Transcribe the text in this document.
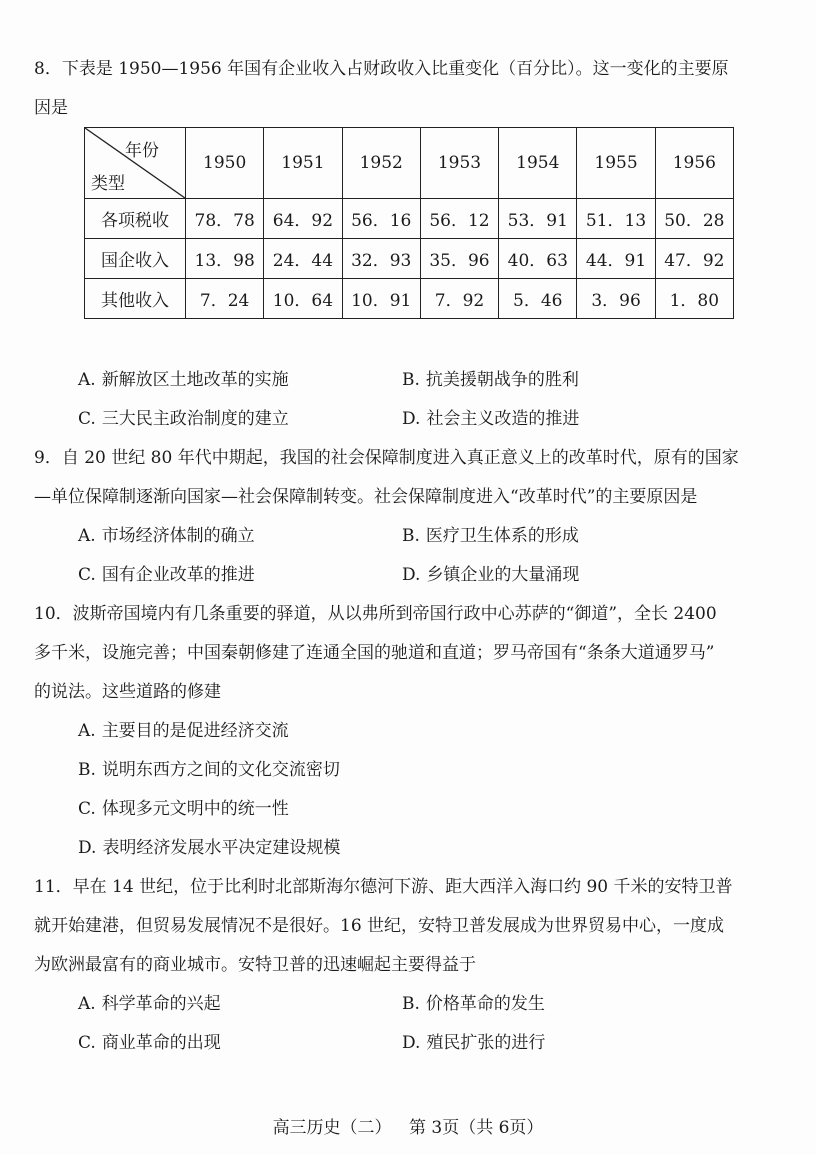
8．下表是 1950—1956 年国有企业收入占财政收入比重变化（百分比）。这一变化的主要原
因是
年份
类型	1950	1951	1952	1953	1954	1955	1956
各项税收	78．78	64．92	56．16	56．12	53．91	51．13	50．28
国企收入	13．98	24．44	32．93	35．96	40．63	44．91	47．92
其他收入	7．24	10．64	10．91	7．92	5．46	3．96	1．80
A. 新解放区土地改革的实施	B. 抗美援朝战争的胜利
C. 三大民主政治制度的建立	D. 社会主义改造的推进
9．自 20 世纪 80 年代中期起，我国的社会保障制度进入真正意义上的改革时代，原有的国家
—单位保障制逐渐向国家—社会保障制转变。社会保障制度进入“改革时代”的主要原因是
A. 市场经济体制的确立	B. 医疗卫生体系的形成
C. 国有企业改革的推进	D. 乡镇企业的大量涌现
10．波斯帝国境内有几条重要的驿道，从以弗所到帝国行政中心苏萨的“御道”，全长 2400
多千米，设施完善；中国秦朝修建了连通全国的驰道和直道；罗马帝国有“条条大道通罗马”
的说法。这些道路的修建
A. 主要目的是促进经济交流
B. 说明东西方之间的文化交流密切
C. 体现多元文明中的统一性
D. 表明经济发展水平决定建设规模
11．早在 14 世纪，位于比利时北部斯海尔德河下游、距大西洋入海口约 90 千米的安特卫普
就开始建港，但贸易发展情况不是很好。16 世纪，安特卫普发展成为世界贸易中心，一度成
为欧洲最富有的商业城市。安特卫普的迅速崛起主要得益于
A. 科学革命的兴起	B. 价格革命的发生
C. 商业革命的出现	D. 殖民扩张的进行
高三历史（二） 第 3页（共 6页）
